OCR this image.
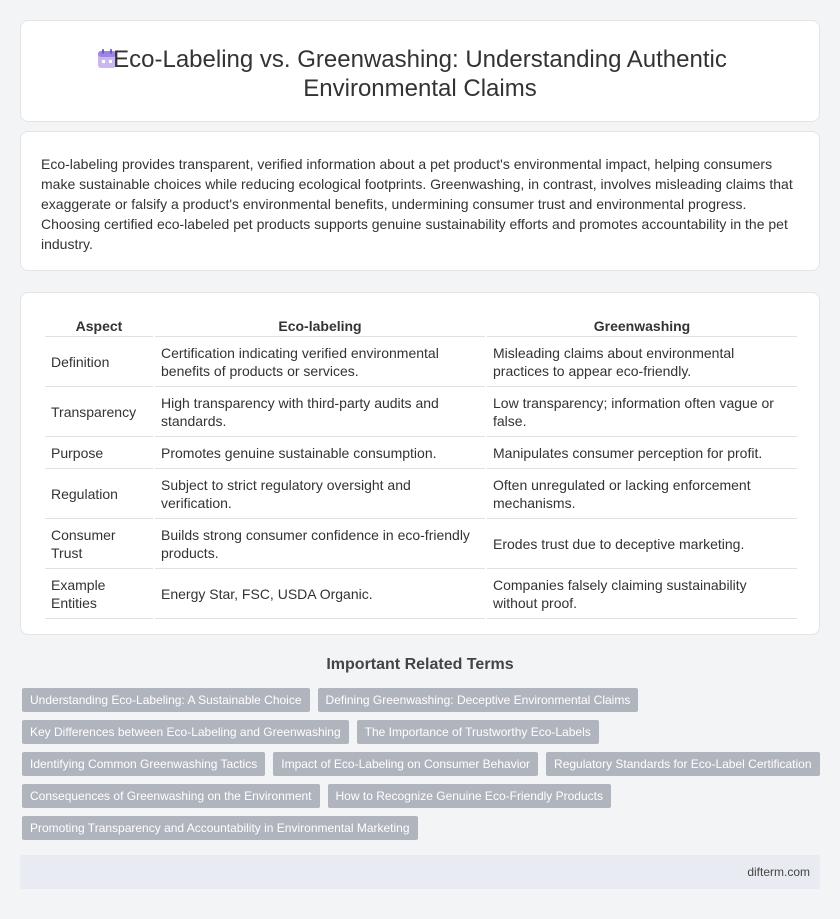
Eco-Labeling vs. Greenwashing: Understanding Authentic
Environmental Claims

Eco-labeling provides transparent, verified information about a pet product's environmental impact, helping consumers make sustainable choices while reducing ecological footprints. Greenwashing, in contrast, involves misleading claims that exaggerate or falsify a product's environmental benefits, undermining consumer trust and environmental progress. Choosing certified eco-labeled pet products supports genuine sustainability efforts and promotes accountability in the pet industry.

Aspect	Eco-labeling	Greenwashing
Definition	Certification indicating verified environmental benefits of products or services.	Misleading claims about environmental practices to appear eco-friendly.
Transparency	High transparency with third-party audits and standards.	Low transparency; information often vague or false.
Purpose	Promotes genuine sustainable consumption.	Manipulates consumer perception for profit.
Regulation	Subject to strict regulatory oversight and verification.	Often unregulated or lacking enforcement mechanisms.
Consumer Trust	Builds strong consumer confidence in eco-friendly products.	Erodes trust due to deceptive marketing.
Example Entities	Energy Star, FSC, USDA Organic.	Companies falsely claiming sustainability without proof.
Important Related Terms
Understanding Eco-Labeling: A Sustainable Choice	Defining Greenwashing: Deceptive Environmental Claims
Key Differences between Eco-Labeling and Greenwashing	The Importance of Trustworthy Eco-Labels
Identifying Common Greenwashing Tactics	Impact of Eco-Labeling on Consumer Behavior	Regulatory Standards for Eco-Label Certification
Consequences of Greenwashing on the Environment	How to Recognize Genuine Eco-Friendly Products
Promoting Transparency and Accountability in Environmental Marketing
difterm.com
